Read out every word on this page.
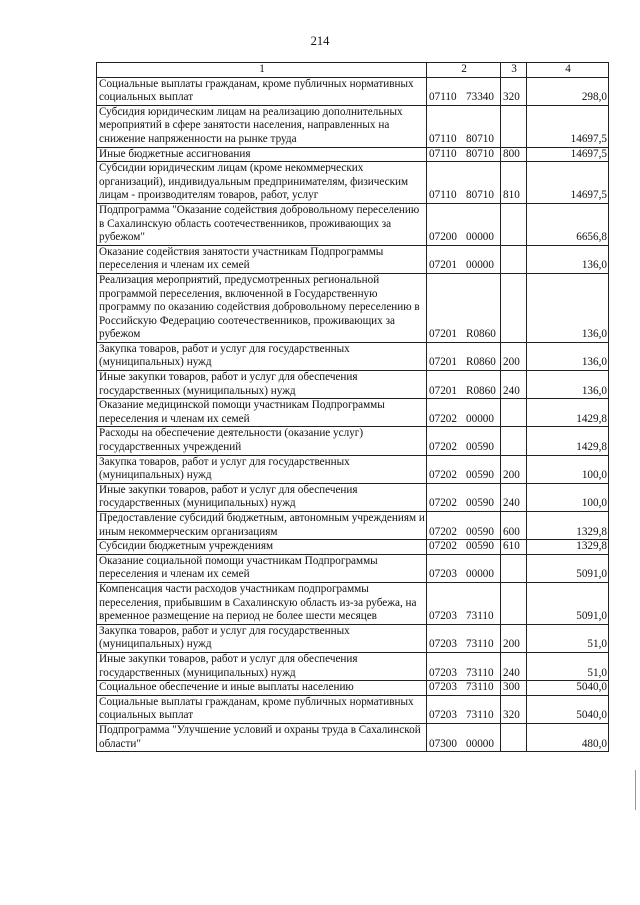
214
1	2	3	4
Социальные выплаты гражданам, кроме публичных нормативных социальных выплат	07110 73340	320	298,0
Субсидия юридическим лицам на реализацию дополнительных мероприятий в сфере занятости населения, направленных на снижение напряженности на рынке труда	07110 80710		14697,5
Иные бюджетные ассигнования	07110 80710	800	14697,5
Субсидии юридическим лицам (кроме некоммерческих организаций), индивидуальным предпринимателям, физическим лицам - производителям товаров, работ, услуг	07110 80710	810	14697,5
Подпрограмма "Оказание содействия добровольному переселению в Сахалинскую область соотечественников, проживающих за рубежом"	07200 00000		6656,8
Оказание содействия занятости участникам Подпрограммы переселения и членам их семей	07201 00000		136,0
Реализация мероприятий, предусмотренных региональной программой переселения, включенной в Государственную программу по оказанию содействия добровольному переселению в Российскую Федерацию соотечественников, проживающих за рубежом	07201 R0860		136,0
Закупка товаров, работ и услуг для государственных (муниципальных) нужд	07201 R0860	200	136,0
Иные закупки товаров, работ и услуг для обеспечения государственных (муниципальных) нужд	07201 R0860	240	136,0
Оказание медицинской помощи участникам Подпрограммы переселения и членам их семей	07202 00000		1429,8
Расходы на обеспечение деятельности (оказание услуг) государственных учреждений	07202 00590		1429,8
Закупка товаров, работ и услуг для государственных (муниципальных) нужд	07202 00590	200	100,0
Иные закупки товаров, работ и услуг для обеспечения государственных (муниципальных) нужд	07202 00590	240	100,0
Предоставление субсидий бюджетным, автономным учреждениям и иным некоммерческим организациям	07202 00590	600	1329,8
Субсидии бюджетным учреждениям	07202 00590	610	1329,8
Оказание социальной помощи участникам Подпрограммы переселения и членам их семей	07203 00000		5091,0
Компенсация части расходов участникам подпрограммы переселения, прибывшим в Сахалинскую область из-за рубежа, на временное размещение на период не более шести месяцев	07203 73110		5091,0
Закупка товаров, работ и услуг для государственных (муниципальных) нужд	07203 73110	200	51,0
Иные закупки товаров, работ и услуг для обеспечения государственных (муниципальных) нужд	07203 73110	240	51,0
Социальное обеспечение и иные выплаты населению	07203 73110	300	5040,0
Социальные выплаты гражданам, кроме публичных нормативных социальных выплат	07203 73110	320	5040,0
Подпрограмма "Улучшение условий и охраны труда в Сахалинской области"	07300 00000		480,0
